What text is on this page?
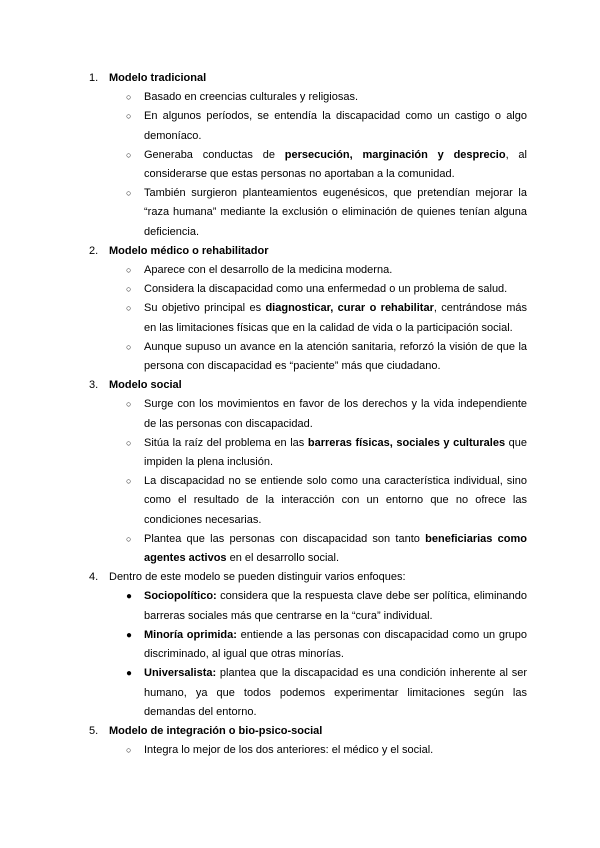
1. Modelo tradicional
○ Basado en creencias culturales y religiosas.
○ En algunos períodos, se entendía la discapacidad como un castigo o algo demoníaco.
○ Generaba conductas de persecución, marginación y desprecio, al considerarse que estas personas no aportaban a la comunidad.
○ También surgieron planteamientos eugenésicos, que pretendían mejorar la “raza humana” mediante la exclusión o eliminación de quienes tenían alguna deficiencia.
2. Modelo médico o rehabilitador
○ Aparece con el desarrollo de la medicina moderna.
○ Considera la discapacidad como una enfermedad o un problema de salud.
○ Su objetivo principal es diagnosticar, curar o rehabilitar, centrándose más en las limitaciones físicas que en la calidad de vida o la participación social.
○ Aunque supuso un avance en la atención sanitaria, reforzó la visión de que la persona con discapacidad es “paciente” más que ciudadano.
3. Modelo social
○ Surge con los movimientos en favor de los derechos y la vida independiente de las personas con discapacidad.
○ Sitúa la raíz del problema en las barreras físicas, sociales y culturales que impiden la plena inclusión.
○ La discapacidad no se entiende solo como una característica individual, sino como el resultado de la interacción con un entorno que no ofrece las condiciones necesarias.
○ Plantea que las personas con discapacidad son tanto beneficiarias como agentes activos en el desarrollo social.
4. Dentro de este modelo se pueden distinguir varios enfoques:
● Sociopolítico: considera que la respuesta clave debe ser política, eliminando barreras sociales más que centrarse en la “cura” individual.
● Minoría oprimida: entiende a las personas con discapacidad como un grupo discriminado, al igual que otras minorías.
● Universalista: plantea que la discapacidad es una condición inherente al ser humano, ya que todos podemos experimentar limitaciones según las demandas del entorno.
5. Modelo de integración o bio-psico-social
○ Integra lo mejor de los dos anteriores: el médico y el social.
